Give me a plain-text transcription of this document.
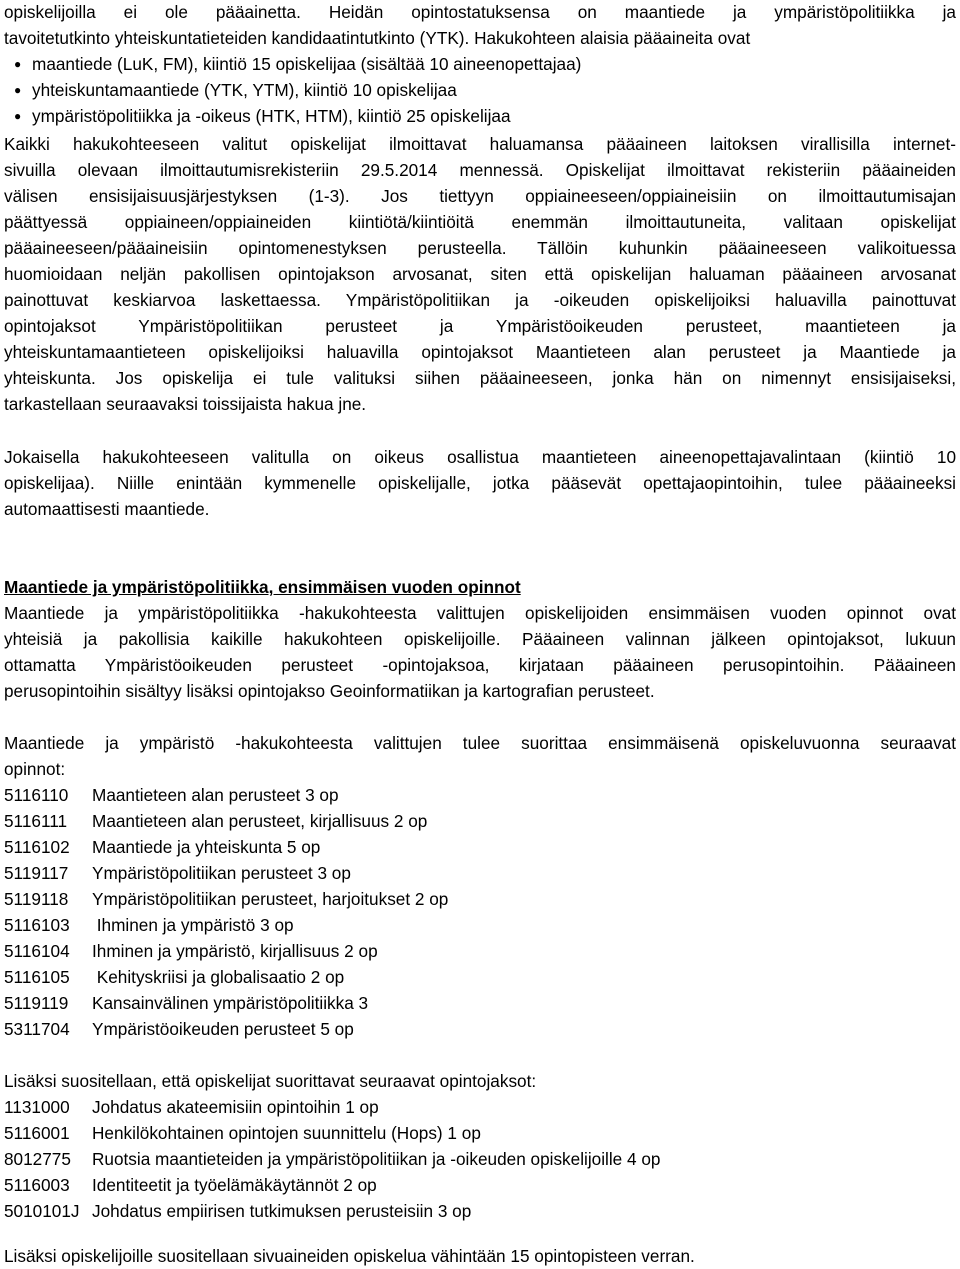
opiskelijoilla ei ole pääainetta. Heidän opintostatuksensa on maantiede ja ympäristöpolitiikka ja
tavoitetutkinto yhteiskuntatieteiden kandidaatintutkinto (YTK). Hakukohteen alaisia pääaineita ovat
● maantiede (LuK, FM), kiintiö 15 opiskelijaa (sisältää 10 aineenopettajaa)
● yhteiskuntamaantiede (YTK, YTM), kiintiö 10 opiskelijaa
● ympäristöpolitiikka ja -oikeus (HTK, HTM), kiintiö 25 opiskelijaa
Kaikki hakukohteeseen valitut opiskelijat ilmoittavat haluamansa pääaineen laitoksen virallisilla internet-
sivuilla olevaan ilmoittautumisrekisteriin 29.5.2014 mennessä. Opiskelijat ilmoittavat rekisteriin pääaineiden
välisen ensisijaisuusjärjestyksen (1-3). Jos tiettyyn oppiaineeseen/oppiaineisiin on ilmoittautumisajan
päättyessä oppiaineen/oppiaineiden kiintiötä/kiintiöitä enemmän ilmoittautuneita, valitaan opiskelijat
pääaineeseen/pääaineisiin opintomenestyksen perusteella. Tällöin kuhunkin pääaineeseen valikoituessa
huomioidaan neljän pakollisen opintojakson arvosanat, siten että opiskelijan haluaman pääaineen arvosanat
painottuvat keskiarvoa laskettaessa. Ympäristöpolitiikan ja -oikeuden opiskelijoiksi haluavilla painottuvat
opintojaksot Ympäristöpolitiikan perusteet ja Ympäristöoikeuden perusteet, maantieteen ja
yhteiskuntamaantieteen opiskelijoiksi haluavilla opintojaksot Maantieteen alan perusteet ja Maantiede ja
yhteiskunta. Jos opiskelija ei tule valituksi siihen pääaineeseen, jonka hän on nimennyt ensisijaiseksi,
tarkastellaan seuraavaksi toissijaista hakua jne.
Jokaisella hakukohteeseen valitulla on oikeus osallistua maantieteen aineenopettajavalintaan (kiintiö 10
opiskelijaa). Niille enintään kymmenelle opiskelijalle, jotka pääsevät opettajaopintoihin, tulee pääaineeksi
automaattisesti maantiede.
Maantiede ja ympäristöpolitiikka, ensimmäisen vuoden opinnot
Maantiede ja ympäristöpolitiikka -hakukohteesta valittujen opiskelijoiden ensimmäisen vuoden opinnot ovat
yhteisiä ja pakollisia kaikille hakukohteen opiskelijoille. Pääaineen valinnan jälkeen opintojaksot, lukuun
ottamatta Ympäristöoikeuden perusteet -opintojaksoa, kirjataan pääaineen perusopintoihin. Pääaineen
perusopintoihin sisältyy lisäksi opintojakso Geoinformatiikan ja kartografian perusteet.
Maantiede ja ympäristö -hakukohteesta valittujen tulee suorittaa ensimmäisenä opiskeluvuonna seuraavat
opinnot:
5116110 Maantieteen alan perusteet 3 op
5116111 Maantieteen alan perusteet, kirjallisuus 2 op
5116102 Maantiede ja yhteiskunta 5 op
5119117 Ympäristöpolitiikan perusteet 3 op
5119118 Ympäristöpolitiikan perusteet, harjoitukset 2 op
5116103 Ihminen ja ympäristö 3 op
5116104 Ihminen ja ympäristö, kirjallisuus 2 op
5116105 Kehityskriisi ja globalisaatio 2 op
5119119 Kansainvälinen ympäristöpolitiikka 3
5311704 Ympäristöoikeuden perusteet 5 op
Lisäksi suositellaan, että opiskelijat suorittavat seuraavat opintojaksot:
1131000 Johdatus akateemisiin opintoihin 1 op
5116001 Henkilökohtainen opintojen suunnittelu (Hops) 1 op
8012775 Ruotsia maantieteiden ja ympäristöpolitiikan ja -oikeuden opiskelijoille 4 op
5116003 Identiteetit ja työelämäkäytännöt 2 op
5010101J Johdatus empiirisen tutkimuksen perusteisiin 3 op
Lisäksi opiskelijoille suositellaan sivuaineiden opiskelua vähintään 15 opintopisteen verran.
